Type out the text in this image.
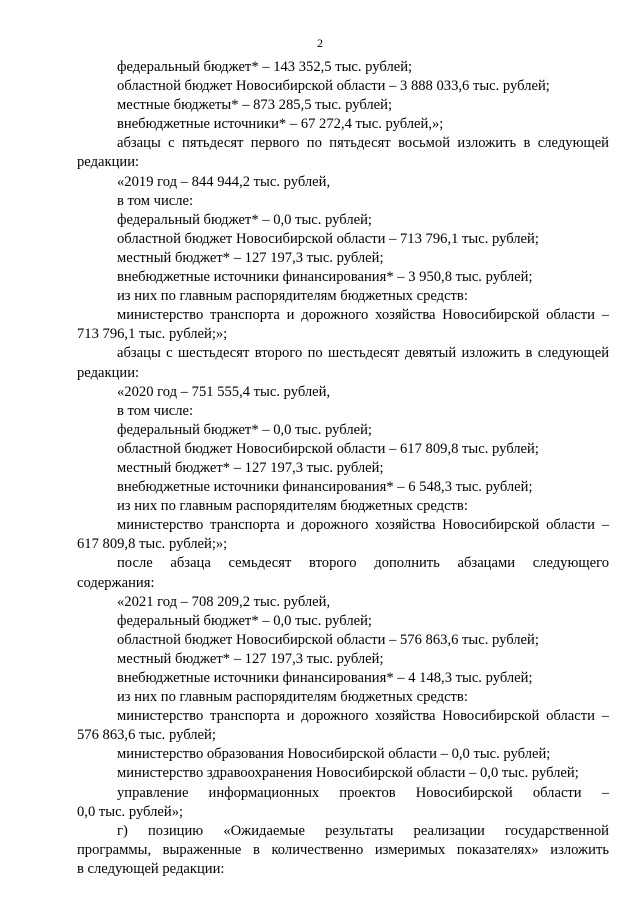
2
федеральный бюджет* – 143 352,5 тыс. рублей;
областной бюджет Новосибирской области – 3 888 033,6 тыс. рублей;
местные бюджеты* – 873 285,5 тыс. рублей;
внебюджетные источники* – 67 272,4 тыс. рублей,»;
абзацы с пятьдесят первого по пятьдесят восьмой изложить в следующей
редакции:
«2019 год – 844 944,2 тыс. рублей,
в том числе:
федеральный бюджет* – 0,0 тыс. рублей;
областной бюджет Новосибирской области – 713 796,1 тыс. рублей;
местный бюджет* – 127 197,3 тыс. рублей;
внебюджетные источники финансирования* – 3 950,8 тыс. рублей;
из них по главным распорядителям бюджетных средств:
министерство транспорта и дорожного хозяйства Новосибирской области –
713 796,1 тыс. рублей;»;
абзацы с шестьдесят второго по шестьдесят девятый изложить в следующей
редакции:
«2020 год – 751 555,4 тыс. рублей,
в том числе:
федеральный бюджет* – 0,0 тыс. рублей;
областной бюджет Новосибирской области – 617 809,8 тыс. рублей;
местный бюджет* – 127 197,3 тыс. рублей;
внебюджетные источники финансирования* – 6 548,3 тыс. рублей;
из них по главным распорядителям бюджетных средств:
министерство транспорта и дорожного хозяйства Новосибирской области –
617 809,8 тыс. рублей;»;
после абзаца семьдесят второго дополнить абзацами следующего
содержания:
«2021 год – 708 209,2 тыс. рублей,
федеральный бюджет* – 0,0 тыс. рублей;
областной бюджет Новосибирской области – 576 863,6 тыс. рублей;
местный бюджет* – 127 197,3 тыс. рублей;
внебюджетные источники финансирования* – 4 148,3 тыс. рублей;
из них по главным распорядителям бюджетных средств:
министерство транспорта и дорожного хозяйства Новосибирской области –
576 863,6 тыс. рублей;
министерство образования Новосибирской области – 0,0 тыс. рублей;
министерство здравоохранения Новосибирской области – 0,0 тыс. рублей;
управление информационных проектов Новосибирской области –
0,0 тыс. рублей»;
г) позицию «Ожидаемые результаты реализации государственной
программы, выраженные в количественно измеримых показателях» изложить
в следующей редакции:
